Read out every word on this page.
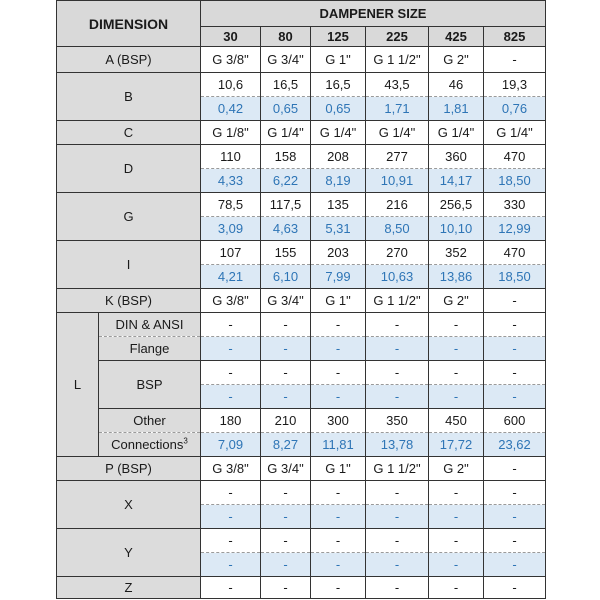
DIMENSION		DAMPENER SIZE					
		30	80	125	225	425	825
A (BSP)		G 3/8"	G 3/4"	G 1"	G 1 1/2"	G 2"	-
B		10,6	16,5	16,5	43,5	46	19,3
		0,42	0,65	0,65	1,71	1,81	0,76
C		G 1/8"	G 1/4"	G 1/4"	G 1/4"	G 1/4"	G 1/4"
D		110	158	208	277	360	470
		4,33	6,22	8,19	10,91	14,17	18,50
G		78,5	117,5	135	216	256,5	330
		3,09	4,63	5,31	8,50	10,10	12,99
I		107	155	203	270	352	470
		4,21	6,10	7,99	10,63	13,86	18,50
K (BSP)		G 3/8"	G 3/4"	G 1"	G 1 1/2"	G 2"	-
L	DIN & ANSI	-	-	-	-	-	-
	Flange	-	-	-	-	-	-
	BSP	-	-	-	-	-	-
		-	-	-	-	-	-
	Other	180	210	300	350	450	600
	Connections$^3$	7,09	8,27	11,81	13,78	17,72	23,62
P (BSP)		G 3/8"	G 3/4"	G 1"	G 1 1/2"	G 2"	-
X		-	-	-	-	-	-
		-	-	-	-	-	-
Y		-	-	-	-	-	-
		-	-	-	-	-	-
Z		-	-	-	-	-	-
